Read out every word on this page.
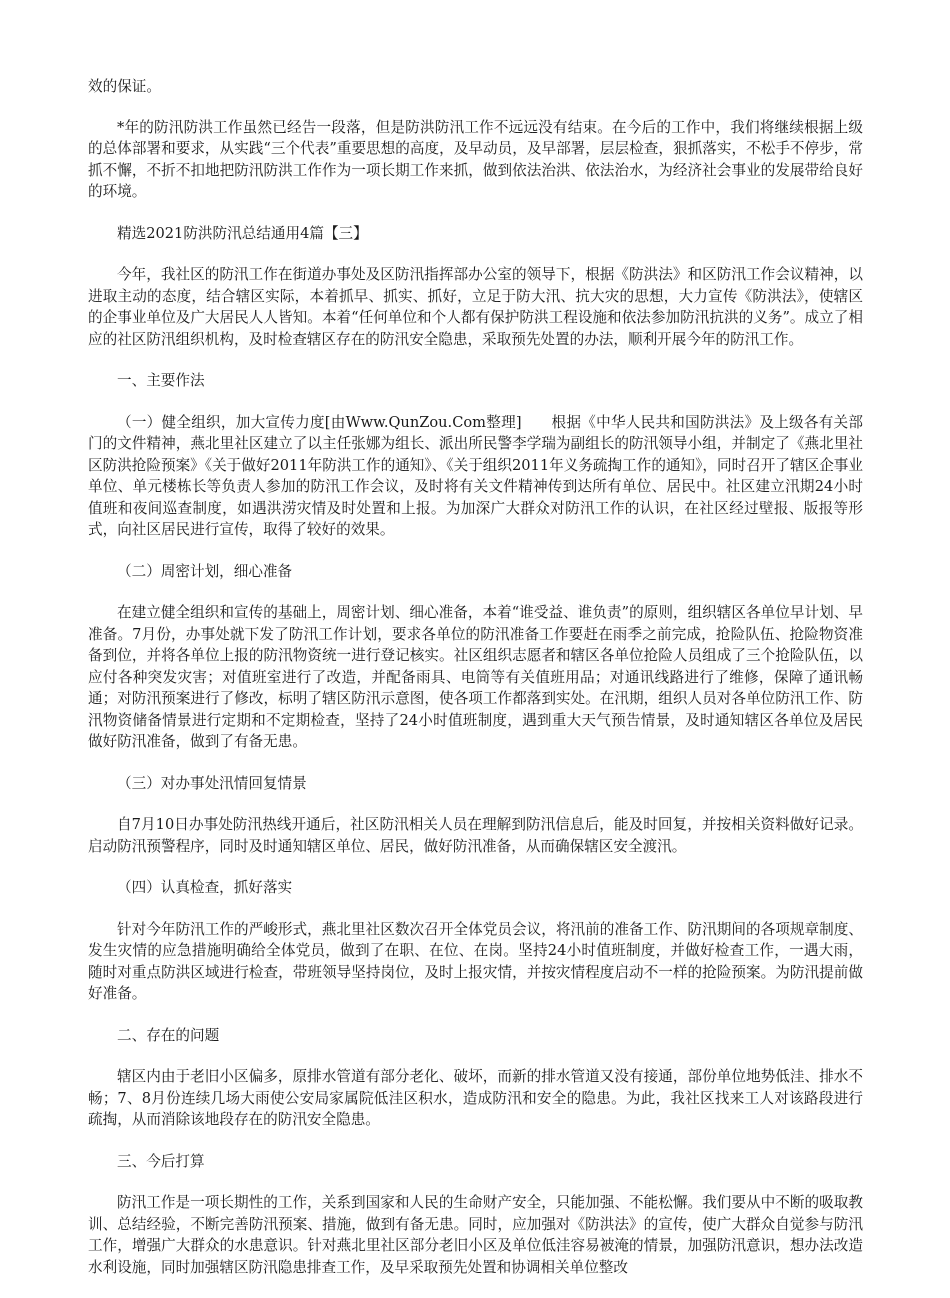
效的保证。

*年的防汛防洪工作虽然已经告一段落，但是防洪防汛工作不远远没有结束。在今后的工作中，我们将继续根据上级的总体部署和要求，从实践“三个代表”重要思想的高度，及早动员，及早部署，层层检查，狠抓落实，不松手不停步，常抓不懈，不折不扣地把防汛防洪工作作为一项长期工作来抓，做到依法治洪、依法治水，为经济社会事业的发展带给良好的环境。

精选2021防洪防汛总结通用4篇【三】

今年，我社区的防汛工作在街道办事处及区防汛指挥部办公室的领导下，根据《防洪法》和区防汛工作会议精神，以进取主动的态度，结合辖区实际，本着抓早、抓实、抓好，立足于防大汛、抗大灾的思想，大力宣传《防洪法》，使辖区的企事业单位及广大居民人人皆知。本着“任何单位和个人都有保护防洪工程设施和依法参加防汛抗洪的义务”。成立了相应的社区防汛组织机构，及时检查辖区存在的防汛安全隐患，采取预先处置的办法，顺利开展今年的防汛工作。

一、主要作法

（一）健全组织，加大宣传力度[由Www.QunZou.Com整理]　　根据《中华人民共和国防洪法》及上级各有关部门的文件精神，燕北里社区建立了以主任张娜为组长、派出所民警李学瑞为副组长的防汛领导小组，并制定了《燕北里社区防洪抢险预案》《关于做好2011年防洪工作的通知》、《关于组织2011年义务疏掏工作的通知》，同时召开了辖区企事业单位、单元楼栋长等负责人参加的防汛工作会议，及时将有关文件精神传到达所有单位、居民中。社区建立汛期24小时值班和夜间巡查制度，如遇洪涝灾情及时处置和上报。为加深广大群众对防汛工作的认识，在社区经过壁报、版报等形式，向社区居民进行宣传，取得了较好的效果。

（二）周密计划，细心准备

在建立健全组织和宣传的基础上，周密计划、细心准备，本着“谁受益、谁负责”的原则，组织辖区各单位早计划、早准备。7月份，办事处就下发了防汛工作计划，要求各单位的防汛准备工作要赶在雨季之前完成，抢险队伍、抢险物资准备到位，并将各单位上报的防汛物资统一进行登记核实。社区组织志愿者和辖区各单位抢险人员组成了三个抢险队伍，以应付各种突发灾害；对值班室进行了改造，并配备雨具、电筒等有关值班用品；对通讯线路进行了维修，保障了通讯畅通；对防汛预案进行了修改，标明了辖区防汛示意图，使各项工作都落到实处。在汛期，组织人员对各单位防汛工作、防汛物资储备情景进行定期和不定期检查，坚持了24小时值班制度，遇到重大天气预告情景，及时通知辖区各单位及居民做好防汛准备，做到了有备无患。

（三）对办事处汛情回复情景

自7月10日办事处防汛热线开通后，社区防汛相关人员在理解到防汛信息后，能及时回复，并按相关资料做好记录。启动防汛预警程序，同时及时通知辖区单位、居民，做好防汛准备，从而确保辖区安全渡汛。

（四）认真检查，抓好落实

针对今年防汛工作的严峻形式，燕北里社区数次召开全体党员会议，将汛前的准备工作、防汛期间的各项规章制度、发生灾情的应急措施明确给全体党员，做到了在职、在位、在岗。坚持24小时值班制度，并做好检查工作，一遇大雨，随时对重点防洪区域进行检查，带班领导坚持岗位，及时上报灾情，并按灾情程度启动不一样的抢险预案。为防汛提前做好准备。

二、存在的问题

辖区内由于老旧小区偏多，原排水管道有部分老化、破坏，而新的排水管道又没有接通，部份单位地势低洼、排水不畅；7、8月份连续几场大雨使公安局家属院低洼区积水，造成防汛和安全的隐患。为此，我社区找来工人对该路段进行疏掏，从而消除该地段存在的防汛安全隐患。

三、今后打算

防汛工作是一项长期性的工作，关系到国家和人民的生命财产安全，只能加强、不能松懈。我们要从中不断的吸取教训、总结经验，不断完善防汛预案、措施，做到有备无患。同时，应加强对《防洪法》的宣传，使广大群众自觉参与防汛工作，增强广大群众的水患意识。针对燕北里社区部分老旧小区及单位低洼容易被淹的情景，加强防汛意识，想办法改造水利设施，同时加强辖区防汛隐患排查工作，及早采取预先处置和协调相关单位整改
